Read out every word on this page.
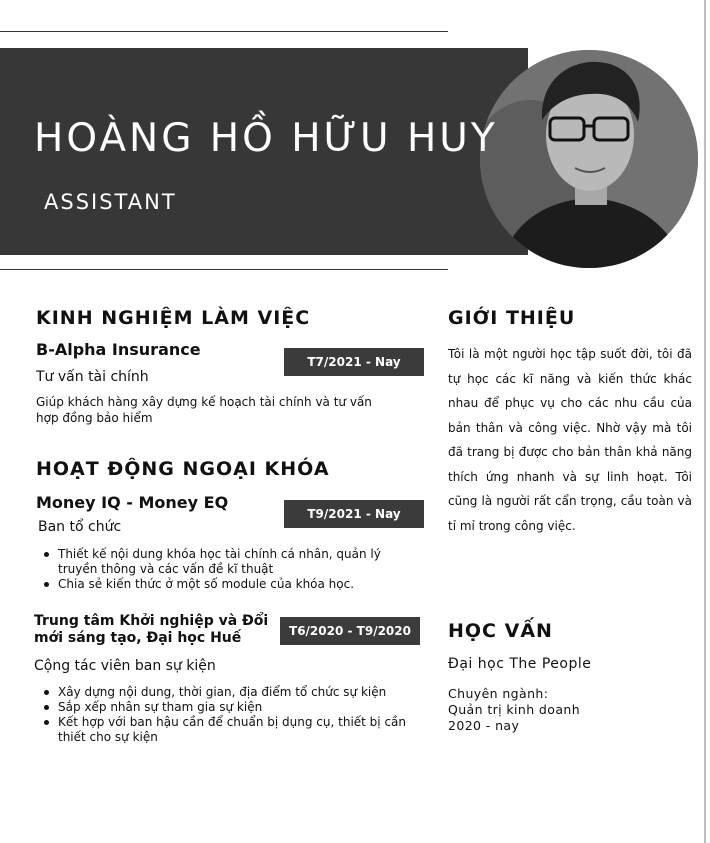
HOÀNG HỒ HỮU HUY
ASSISTANT
KINH NGHIỆM LÀM VIỆC
B-Alpha Insurance
T7/2021 - Nay
Tư vấn tài chính
Giúp khách hàng xây dựng kế hoạch tài chính và tư vấn hợp đồng bảo hiểm
HOẠT ĐỘNG NGOẠI KHÓA
Money IQ - Money EQ
T9/2021 - Nay
Ban tổ chức
Thiết kế nội dung khóa học tài chính cá nhân, quản lý truyền thông và các vấn đề kĩ thuật
Chia sẻ kiến thức ở một số module của khóa học.
Trung tâm Khởi nghiệp và Đổi mới sáng tạo, Đại học Huế	T6/2020 - T9/2020
Cộng tác viên ban sự kiện
Xây dựng nội dung, thời gian, địa điểm tổ chức sự kiện
Sắp xếp nhân sự tham gia sự kiện
Kết hợp với ban hậu cần để chuẩn bị dụng cụ, thiết bị cần thiết cho sự kiện
GIỚI THIỆU
Tôi là một người học tập suốt đời, tôi đã tự học các kĩ năng và kiến thức khác nhau để phục vụ cho các nhu cầu của bản thân và công việc. Nhờ vậy mà tôi đã trang bị được cho bản thân khả năng thích ứng nhanh và sự linh hoạt. Tôi cũng là người rất cẩn trọng, cầu toàn và tỉ mỉ trong công việc.
HỌC VẤN
Đại học The People
Chuyên ngành:
Quản trị kinh doanh
2020 - nay
